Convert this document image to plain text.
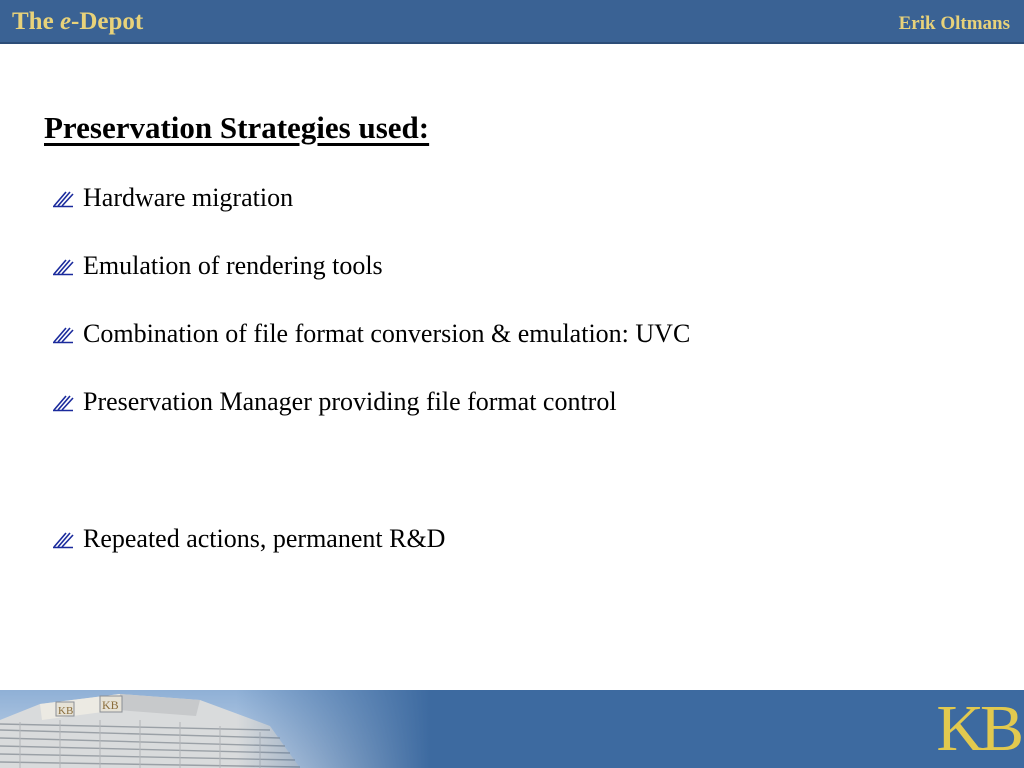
The e-Depot	Erik Oltmans
Preservation Strategies used:
Hardware migration
Emulation of rendering tools
Combination of file format conversion & emulation: UVC
Preservation Manager providing file format control
Repeated actions, permanent R&D
KB
